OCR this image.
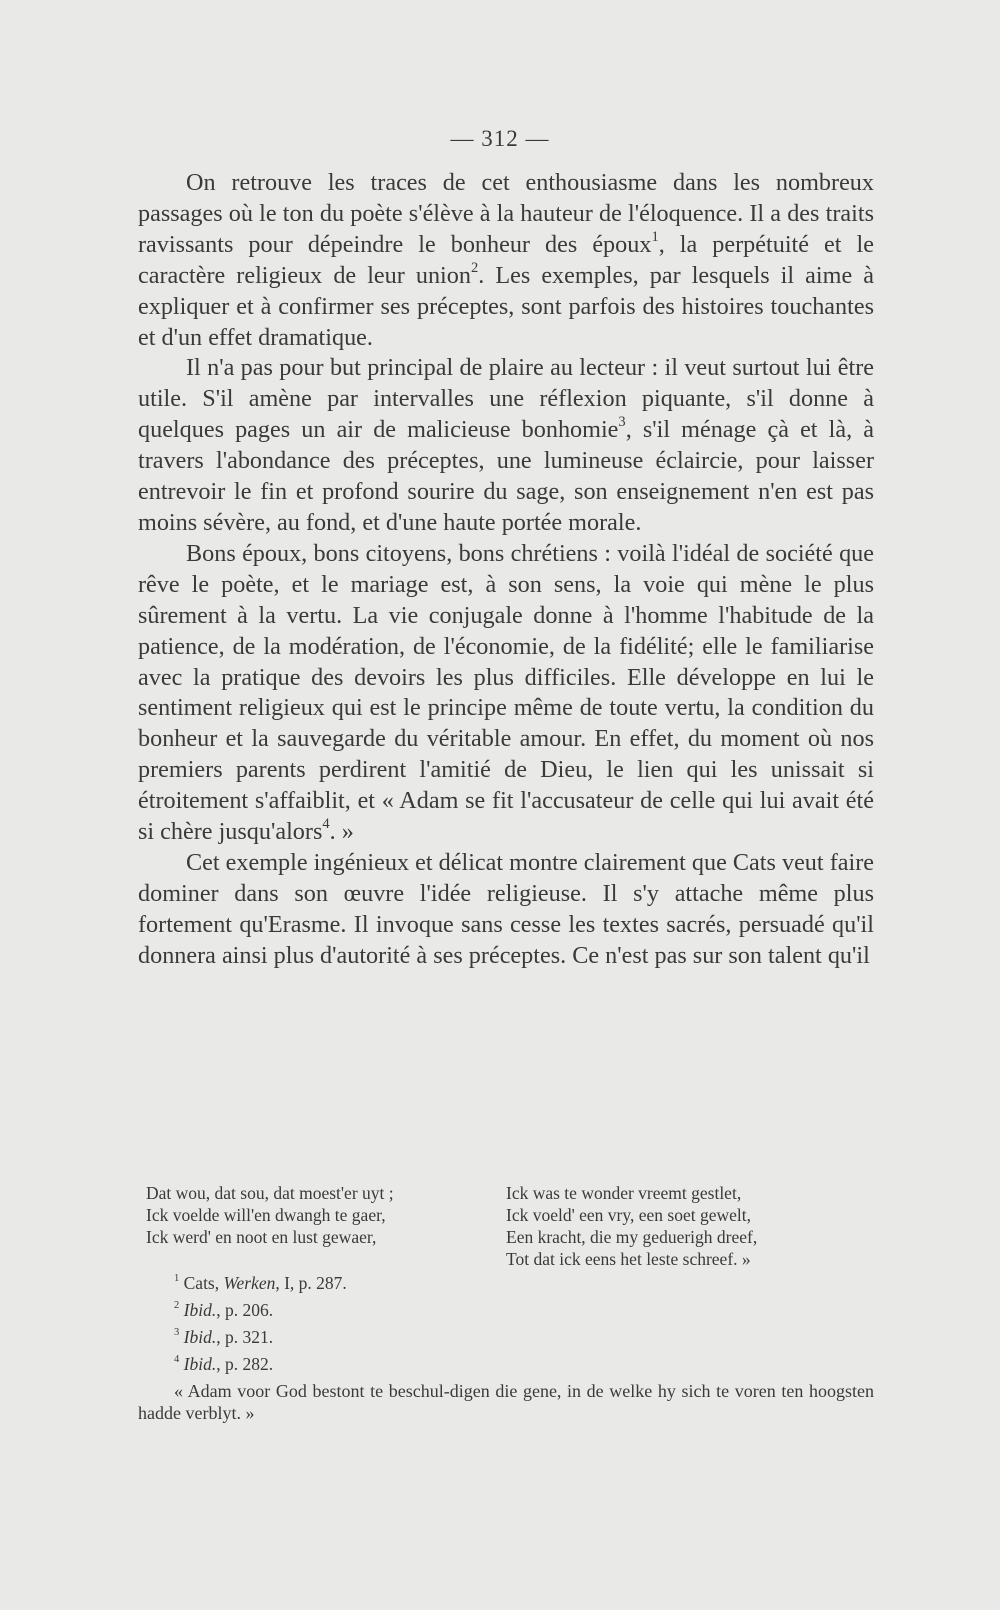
— 312 —

On retrouve les traces de cet enthousiasme dans les nombreux passages où le ton du poète s'élève à la hauteur de l'éloquence. Il a des traits ravissants pour dépeindre le bonheur des époux$^1$, la perpétuité et le caractère religieux de leur union$^2$. Les exemples, par lesquels il aime à expliquer et à confirmer ses préceptes, sont parfois des histoires touchantes et d'un effet dramatique.

Il n'a pas pour but principal de plaire au lecteur : il veut surtout lui être utile. S'il amène par intervalles une réflexion piquante, s'il donne à quelques pages un air de malicieuse bonhomie$^3$, s'il ménage çà et là, à travers l'abondance des préceptes, une lumineuse éclaircie, pour laisser entrevoir le fin et profond sourire du sage, son enseignement n'en est pas moins sévère, au fond, et d'une haute portée morale.

Bons époux, bons citoyens, bons chrétiens : voilà l'idéal de société que rêve le poète, et le mariage est, à son sens, la voie qui mène le plus sûrement à la vertu. La vie conjugale donne à l'homme l'habitude de la patience, de la modération, de l'économie, de la fidélité; elle le familiarise avec la pratique des devoirs les plus difficiles. Elle développe en lui le sentiment religieux qui est le principe même de toute vertu, la condition du bonheur et la sauvegarde du véritable amour. En effet, du moment où nos premiers parents perdirent l'amitié de Dieu, le lien qui les unissait si étroitement s'affaiblit, et « Adam se fit l'accusateur de celle qui lui avait été si chère jusqu'alors$^4$. »

Cet exemple ingénieux et délicat montre clairement que Cats veut faire dominer dans son œuvre l'idée religieuse. Il s'y attache même plus fortement qu'Erasme. Il invoque sans cesse les textes sacrés, persuadé qu'il donnera ainsi plus d'autorité à ses préceptes. Ce n'est pas sur son talent qu'il

Dat wou, dat sou, dat moest'er uyt ;
Ick voelde will'en dwangh te gaer,
Ick werd' en noot en lust gewaer,
Ick was te wonder vreemt gestlet,
Ick voeld' een vry, een soet gewelt,
Een kracht, die my geduerigh dreef,
Tot dat ick eens het leste schreef. »
$^1$ Cats, Werken, I, p. 287.
$^2$ Ibid., p. 206.
$^3$ Ibid., p. 321.
$^4$ Ibid., p. 282.
« Adam voor God bestont te beschul-digen die gene, in de welke hy sich te voren ten hoogsten hadde verblyt. »
